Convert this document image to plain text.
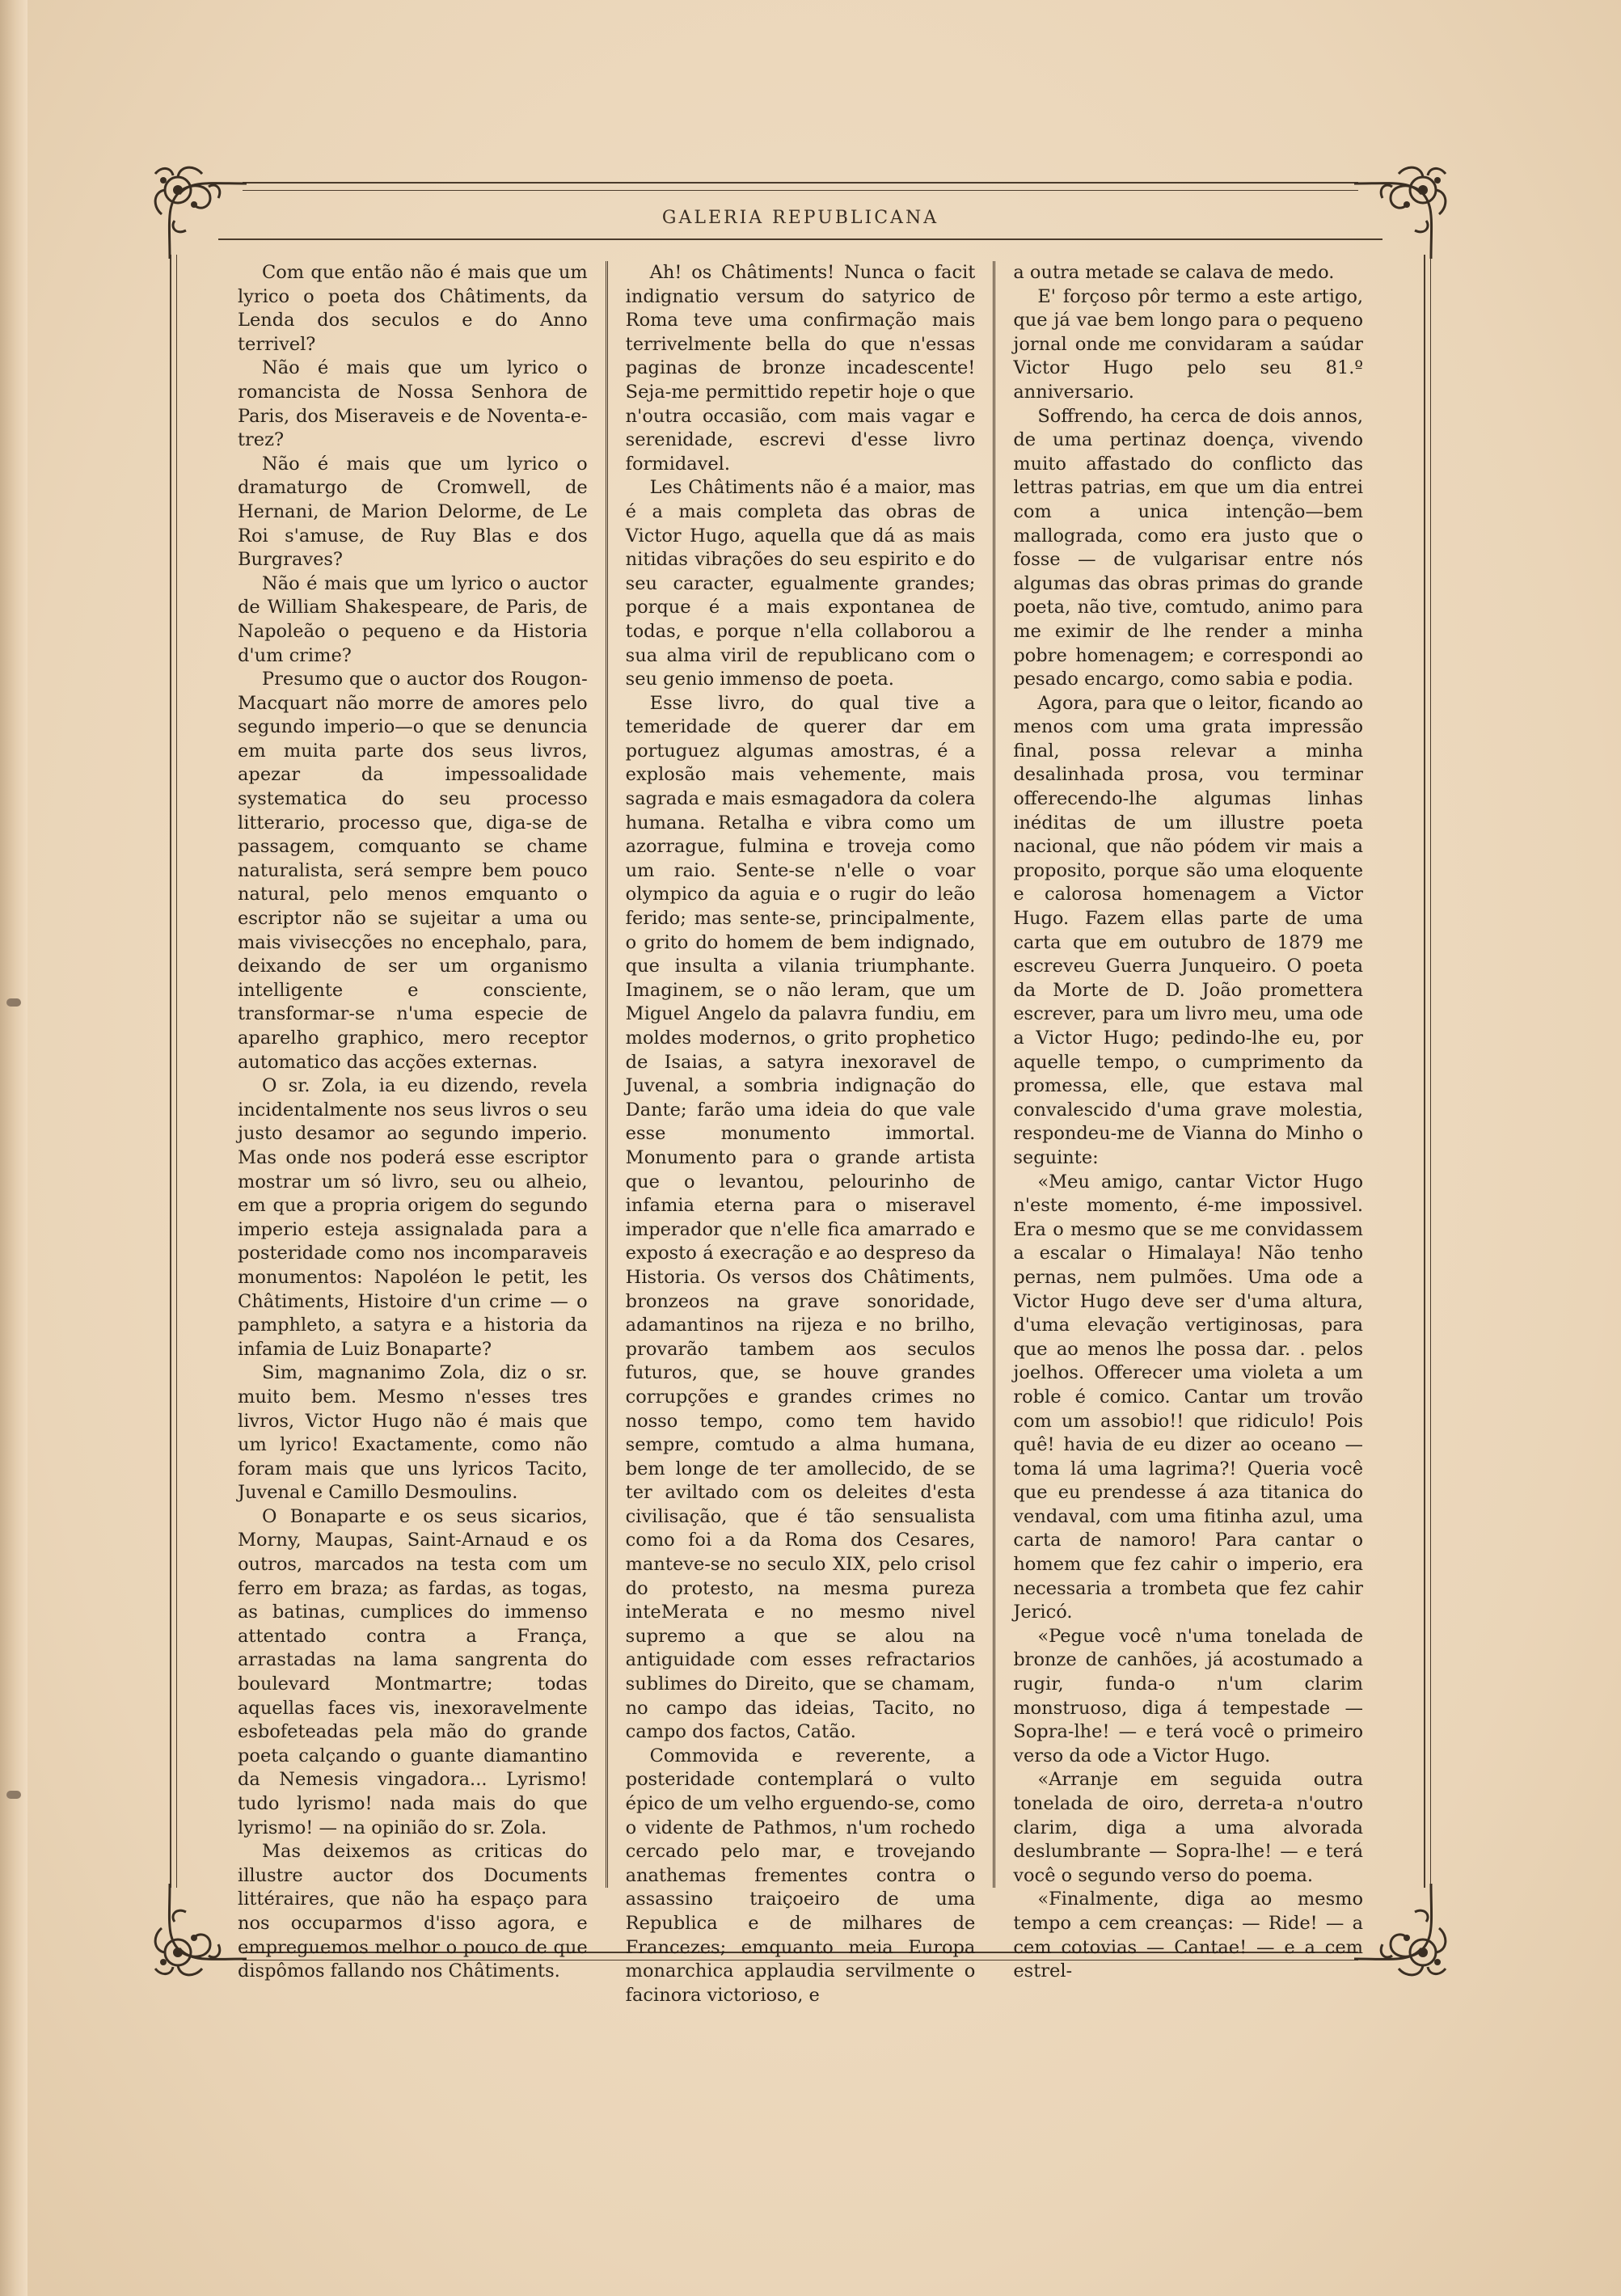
GALERIA REPUBLICANA

Com que então não é mais que um lyrico o poeta dos Châtiments, da Lenda dos seculos e do Anno terrivel?

Não é mais que um lyrico o romancista de Nossa Senhora de Paris, dos Miseraveis e de Noventa-e-trez?

Não é mais que um lyrico o dramaturgo de Cromwell, de Hernani, de Marion Delorme, de Le Roi s'amuse, de Ruy Blas e dos Burgraves?

Não é mais que um lyrico o auctor de William Shakespeare, de Paris, de Napoleão o pequeno e da Historia d'um crime?

Presumo que o auctor dos Rougon-Macquart não morre de amores pelo segundo imperio—o que se denuncia em muita parte dos seus livros, apezar da impessoalidade systematica do seu processo litterario, processo que, diga-se de passagem, comquanto se chame naturalista, será sempre bem pouco natural, pelo menos emquanto o escriptor não se sujeitar a uma ou mais vivisecções no encephalo, para, deixando de ser um organismo intelligente e consciente, transformar-se n'uma especie de aparelho graphico, mero receptor automatico das acções externas.

O sr. Zola, ia eu dizendo, revela incidentalmente nos seus livros o seu justo desamor ao segundo imperio. Mas onde nos poderá esse escriptor mostrar um só livro, seu ou alheio, em que a propria origem do segundo imperio esteja assignalada para a posteridade como nos incomparaveis monumentos: Napoléon le petit, les Châtiments, Histoire d'un crime — o pamphleto, a satyra e a historia da infamia de Luiz Bonaparte?

Sim, magnanimo Zola, diz o sr. muito bem. Mesmo n'esses tres livros, Victor Hugo não é mais que um lyrico! Exactamente, como não foram mais que uns lyricos Tacito, Juvenal e Camillo Desmoulins.

O Bonaparte e os seus sicarios, Morny, Maupas, Saint-Arnaud e os outros, marcados na testa com um ferro em braza; as fardas, as togas, as batinas, cumplices do immenso attentado contra a França, arrastadas na lama sangrenta do boulevard Montmartre; todas aquellas faces vis, inexoravelmente esbofeteadas pela mão do grande poeta calçando o guante diamantino da Nemesis vingadora... Lyrismo! tudo lyrismo! nada mais do que lyrismo! — na opinião do sr. Zola.

Mas deixemos as criticas do illustre auctor dos Documents littéraires, que não ha espaço para nos occuparmos d'isso agora, e empreguemos melhor o pouco de que dispômos fallando nos Châtiments.

Ah! os Châtiments! Nunca o facit indignatio versum do satyrico de Roma teve uma confirmação mais terrivelmente bella do que n'essas paginas de bronze incadescente! Seja-me permittido repetir hoje o que n'outra occasião, com mais vagar e serenidade, escrevi d'esse livro formidavel.

Les Châtiments não é a maior, mas é a mais completa das obras de Victor Hugo, aquella que dá as mais nitidas vibrações do seu espirito e do seu caracter, egualmente grandes; porque é a mais expontanea de todas, e porque n'ella collaborou a sua alma viril de republicano com o seu genio immenso de poeta.

Esse livro, do qual tive a temeridade de querer dar em portuguez algumas amostras, é a explosão mais vehemente, mais sagrada e mais esmagadora da colera humana. Retalha e vibra como um azorrague, fulmina e troveja como um raio. Sente-se n'elle o voar olympico da aguia e o rugir do leão ferido; mas sente-se, principalmente, o grito do homem de bem indignado, que insulta a vilania triumphante. Imaginem, se o não leram, que um Miguel Angelo da palavra fundiu, em moldes modernos, o grito prophetico de Isaias, a satyra inexoravel de Juvenal, a sombria indignação do Dante; farão uma ideia do que vale esse monumento immortal. Monumento para o grande artista que o levantou, pelourinho de infamia eterna para o miseravel imperador que n'elle fica amarrado e exposto á execração e ao despreso da Historia. Os versos dos Châtiments, bronzeos na grave sonoridade, adamantinos na rijeza e no brilho, provarão tambem aos seculos futuros, que, se houve grandes corrupções e grandes crimes no nosso tempo, como tem havido sempre, comtudo a alma humana, bem longe de ter amollecido, de se ter aviltado com os deleites d'esta civilisação, que é tão sensualista como foi a da Roma dos Cesares, manteve-se no seculo XIX, pelo crisol do protesto, na mesma pureza inteMerata e no mesmo nivel supremo a que se alou na antiguidade com esses refractarios sublimes do Direito, que se chamam, no campo das ideias, Tacito, no campo dos factos, Catão.

Commovida e reverente, a posteridade contemplará o vulto épico de um velho erguendo-se, como o vidente de Pathmos, n'um rochedo cercado pelo mar, e trovejando anathemas frementes contra o assassino traiçoeiro de uma Republica e de milhares de Francezes; emquanto meia Europa monarchica applaudia servilmente o facinora victorioso, e

a outra metade se calava de medo.

E' forçoso pôr termo a este artigo, que já vae bem longo para o pequeno jornal onde me convidaram a saúdar Victor Hugo pelo seu 81.º anniversario.

Soffrendo, ha cerca de dois annos, de uma pertinaz doença, vivendo muito affastado do conflicto das lettras patrias, em que um dia entrei com a unica intenção—bem mallograda, como era justo que o fosse — de vulgarisar entre nós algumas das obras primas do grande poeta, não tive, comtudo, animo para me eximir de lhe render a minha pobre homenagem; e correspondi ao pesado encargo, como sabia e podia.

Agora, para que o leitor, ficando ao menos com uma grata impressão final, possa relevar a minha desalinhada prosa, vou terminar offerecendo-lhe algumas linhas inéditas de um illustre poeta nacional, que não pódem vir mais a proposito, porque são uma eloquente e calorosa homenagem a Victor Hugo. Fazem ellas parte de uma carta que em outubro de 1879 me escreveu Guerra Junqueiro. O poeta da Morte de D. João promettera escrever, para um livro meu, uma ode a Victor Hugo; pedindo-lhe eu, por aquelle tempo, o cumprimento da promessa, elle, que estava mal convalescido d'uma grave molestia, respondeu-me de Vianna do Minho o seguinte:

«Meu amigo, cantar Victor Hugo n'este momento, é-me impossivel. Era o mesmo que se me convidassem a escalar o Himalaya! Não tenho pernas, nem pulmões. Uma ode a Victor Hugo deve ser d'uma altura, d'uma elevação vertiginosas, para que ao menos lhe possa dar. . pelos joelhos. Offerecer uma violeta a um roble é comico. Cantar um trovão com um assobio!! que ridiculo! Pois quê! havia de eu dizer ao oceano — toma lá uma lagrima?! Queria você que eu prendesse á aza titanica do vendaval, com uma fitinha azul, uma carta de namoro! Para cantar o homem que fez cahir o imperio, era necessaria a trombeta que fez cahir Jericó.

«Pegue você n'uma tonelada de bronze de canhões, já acostumado a rugir, funda-o n'um clarim monstruoso, diga á tempestade — Sopra-lhe! — e terá você o primeiro verso da ode a Victor Hugo.

«Arranje em seguida outra tonelada de oiro, derreta-a n'outro clarim, diga a uma alvorada deslumbrante — Sopra-lhe! — e terá você o segundo verso do poema.

«Finalmente, diga ao mesmo tempo a cem creanças: — Ride! — a cem cotovias — Cantae! — e a cem estrel-
